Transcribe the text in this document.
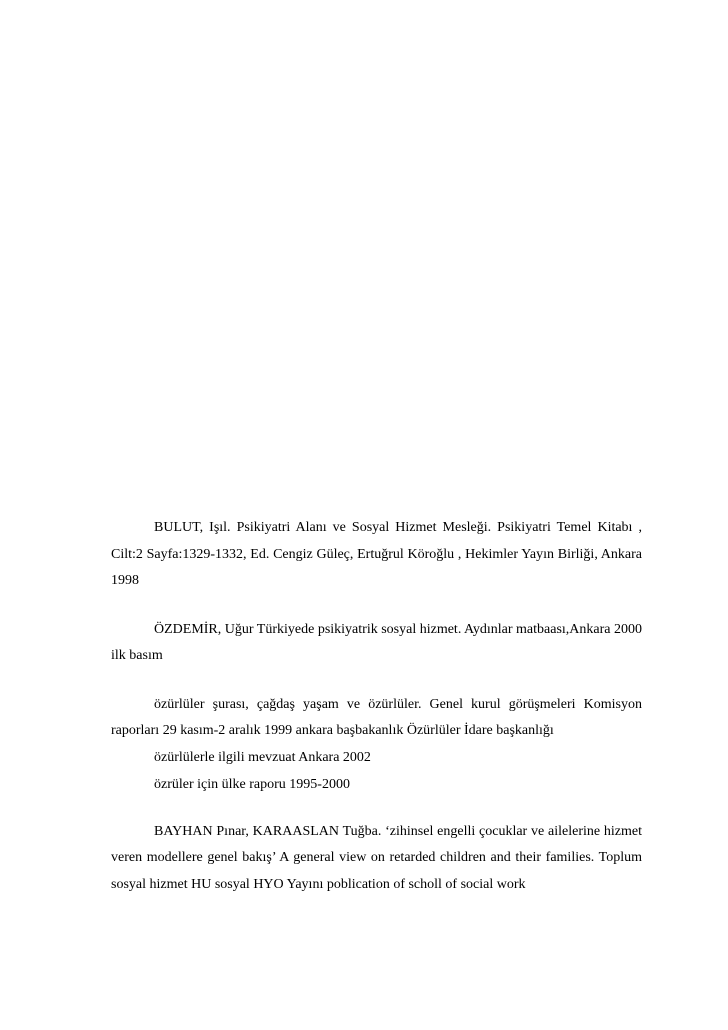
BULUT, Işıl. Psikiyatri Alanı ve Sosyal Hizmet Mesleği. Psikiyatri Temel Kitabı , Cilt:2 Sayfa:1329-1332, Ed. Cengiz Güleç, Ertuğrul Köroğlu , Hekimler Yayın Birliği, Ankara 1998

ÖZDEMİR, Uğur Türkiyede psikiyatrik sosyal hizmet. Aydınlar matbaası,Ankara 2000 ilk basım

özürlüler şurası, çağdaş yaşam ve özürlüler. Genel kurul görüşmeleri Komisyon raporları 29 kasım-2 aralık 1999 ankara başbakanlık Özürlüler İdare başkanlığı

özürlülerle ilgili mevzuat Ankara 2002

özrüler için ülke raporu 1995-2000

BAYHAN Pınar, KARAASLAN Tuğba. ‘zihinsel engelli çocuklar ve ailelerine hizmet veren modellere genel bakış’ A general view on retarded children and their families. Toplum sosyal hizmet HU sosyal HYO Yayını poblication of scholl of social work
